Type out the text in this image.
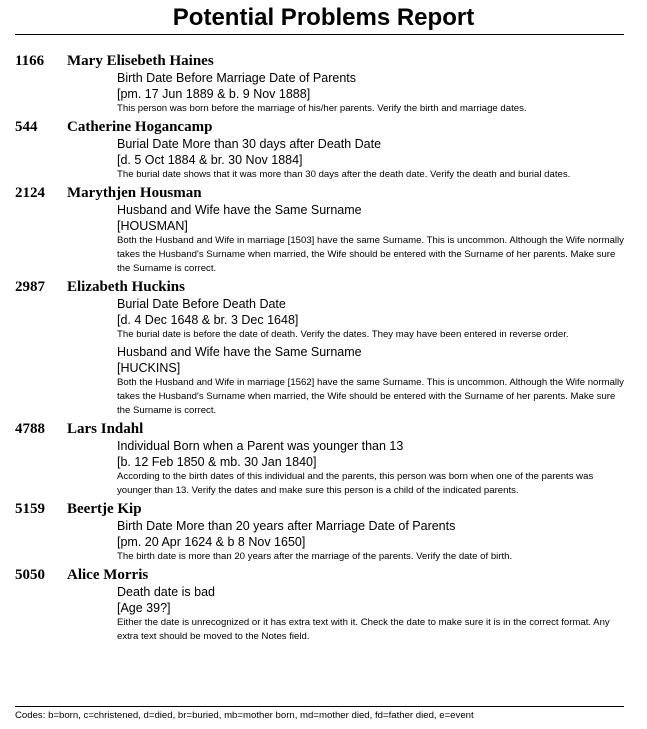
Potential Problems Report
1166 Mary Elisebeth Haines
Birth Date Before Marriage Date of Parents
[pm. 17 Jun 1889 & b. 9 Nov 1888]
This person was born before the marriage of his/her parents. Verify the birth and marriage dates.
544 Catherine Hogancamp
Burial Date More than 30 days after Death Date
[d. 5 Oct 1884 & br. 30 Nov 1884]
The burial date shows that it was more than 30 days after the death date. Verify the death and burial dates.
2124 Marythjen Housman
Husband and Wife have the Same Surname
[HOUSMAN]
Both the Husband and Wife in marriage [1503] have the same Surname. This is uncommon. Although the Wife normally takes the Husband's Surname when married, the Wife should be entered with the Surname of her parents. Make sure the Surname is correct.
2987 Elizabeth Huckins
Burial Date Before Death Date
[d. 4 Dec 1648 & br. 3 Dec 1648]
The burial date is before the date of death. Verify the dates. They may have been entered in reverse order.
Husband and Wife have the Same Surname
[HUCKINS]
Both the Husband and Wife in marriage [1562] have the same Surname. This is uncommon. Although the Wife normally takes the Husband's Surname when married, the Wife should be entered with the Surname of her parents. Make sure the Surname is correct.
4788 Lars Indahl
Individual Born when a Parent was younger than 13
[b. 12 Feb 1850 & mb. 30 Jan 1840]
According to the birth dates of this individual and the parents, this person was born when one of the parents was younger than 13. Verify the dates and make sure this person is a child of the indicated parents.
5159 Beertje Kip
Birth Date More than 20 years after Marriage Date of Parents
[pm. 20 Apr 1624 & b 8 Nov 1650]
The birth date is more than 20 years after the marriage of the parents. Verify the date of birth.
5050 Alice Morris
Death date is bad
[Age 39?]
Either the date is unrecognized or it has extra text with it. Check the date to make sure it is in the correct format. Any extra text should be moved to the Notes field.
Codes: b=born, c=christened, d=died, br=buried, mb=mother born, md=mother died, fd=father died, e=event
